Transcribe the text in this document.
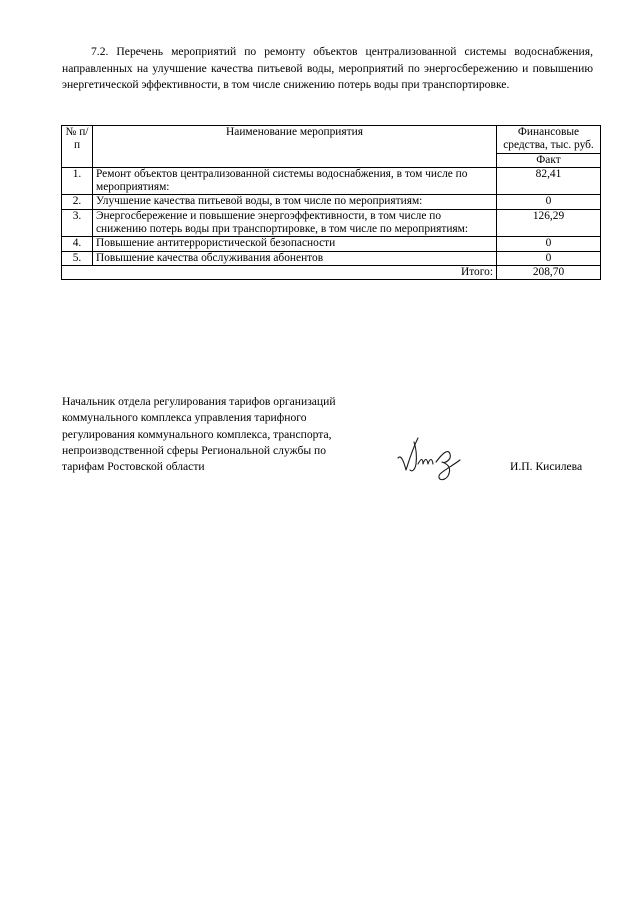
7.2. Перечень мероприятий по ремонту объектов централизованной системы водоснабжения, направленных на улучшение качества питьевой воды, мероприятий по энергосбережению и повышению энергетической эффективности, в том числе снижению потерь воды при транспортировке.

№ п/п	Наименование мероприятия	Финансовые средства, тыс. руб.
		Факт
1.	Ремонт объектов централизованной системы водоснабжения, в том числе по мероприятиям:	82,41
2.	Улучшение качества питьевой воды, в том числе по мероприятиям:	0
3.	Энергосбережение и повышение энергоэффективности, в том числе по снижению потерь воды при транспортировке, в том числе по мероприятиям:	126,29
4.	Повышение антитеррористической безопасности	0
5.	Повышение качества обслуживания абонентов	0
Итого:		208,70
Начальник отдела регулирования тарифов организаций
коммунального комплекса управления тарифного
регулирования коммунального комплекса, транспорта,
непроизводственной сферы Региональной службы по
тарифам Ростовской области	И.П. Кисилева
